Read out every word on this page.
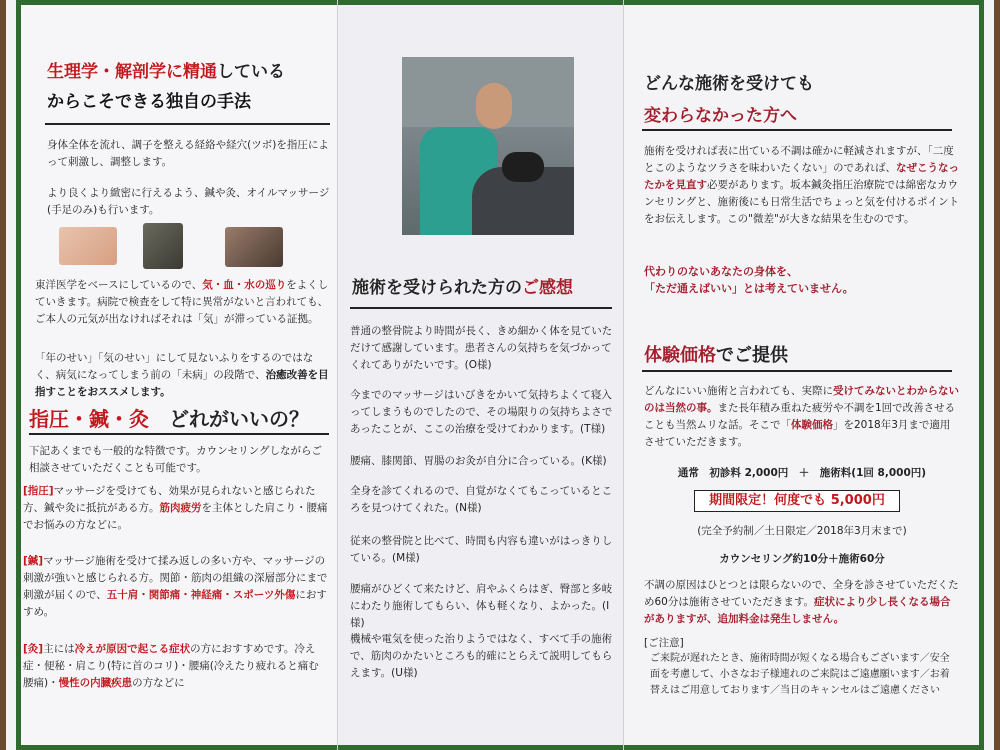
生理学・解剖学に精通している
からこそできる独自の手法
身体全体を流れ、調子を整える経絡や経穴(ツボ)を指圧によって刺激し、調整します。
より良くより緻密に行えるよう、鍼や灸、オイルマッサージ(手足のみ)も行います。
東洋医学をベースにしているので、気・血・水の巡りをよくしていきます。病院で検査をして特に異常がないと言われても、ご本人の元気が出なければそれは「気」が滞っている証拠。
「年のせい」「気のせい」にして見ないふりをするのではなく、病気になってしまう前の「未病」の段階で、治癒改善を目指すことをおススメします。
指圧・鍼・灸　 どれがいいの？
下記あくまでも一般的な特徴です。カウンセリングしながらご相談させていただくことも可能です。
[指圧]マッサージを受けても、効果が見られないと感じられた方、鍼や灸に抵抗がある方。筋肉疲労を主体とした肩こり・腰痛でお悩みの方などに。
[鍼]マッサージ施術を受けて揉み返しの多い方や、マッサージの刺激が強いと感じられる方。関節・筋肉の組織の深層部分にまで刺激が届くので、五十肩・関節痛・神経痛・スポーツ外傷におすすめ。
[灸]主には冷えが原因で起こる症状の方におすすめです。冷え症・便秘・肩こり(特に首のコリ)・腰痛(冷えたり疲れると痛む腰痛)・慢性の内臓疾患の方などに
施術を受けられた方のご感想
普通の整骨院より時間が長く、きめ細かく体を見ていただけて感謝しています。患者さんの気持ちを気づかってくれてありがたいです。(O様)
今までのマッサージはいびきをかいて気持ちよくて寝入ってしまうものでしたので、その場限りの気持ちよさであったことが、ここの治療を受けてわかります。(T様)
腰痛、膝関節、胃腸のお灸が自分に合っている。(K様)
全身を診てくれるので、自覚がなくてもこっているところを見つけてくれた。(N様)
従来の整骨院と比べて、時間も内容も違いがはっきりしている。(M様)
腰痛がひどくて来たけど、肩やふくらはぎ、臀部と多岐にわたり施術してもらい、体も軽くなり、よかった。(I様)
機械や電気を使った治りようではなく、すべて手の施術で、筋肉のかたいところも的確にとらえて説明してもらえます。(U様)
どんな施術を受けても
変わらなかった方へ
施術を受ければ表に出ている不調は確かに軽減されますが、「二度とこのようなツラさを味わいたくない」のであれば、なぜこうなったかを見直す必要があります。坂本鍼灸指圧治療院では綿密なカウンセリングと、施術後にも日常生活でちょっと気を付けるポイントをお伝えします。この"微差"が大きな結果を生むのです。
代わりのないあなたの身体を、
「ただ通えばいい」とは考えていません。
体験価格でご提供
どんなにいい施術と言われても、実際に受けてみないとわからないのは当然の事。また長年積み重ねた疲労や不調を1回で改善させることも当然ムリな話。そこで「体験価格」を2018年3月まで適用させていただきます。
通常　初診料 2,000円　＋　施術料(1回 8,000円)
期間限定！何度でも 5,000円
(完全予約制／土日限定／2018年3月末まで)
カウンセリング約10分＋施術60分
不調の原因はひとつとは限らないので、全身を診させていただくため60分は施術させていただきます。症状により少し長くなる場合がありますが、追加料金は発生しません。
[ご注意]
ご来院が遅れたとき、施術時間が短くなる場合もございます／安全面を考慮して、小さなお子様連れのご来院はご遠慮願います／お着替えはご用意しております／当日のキャンセルはご遠慮ください
